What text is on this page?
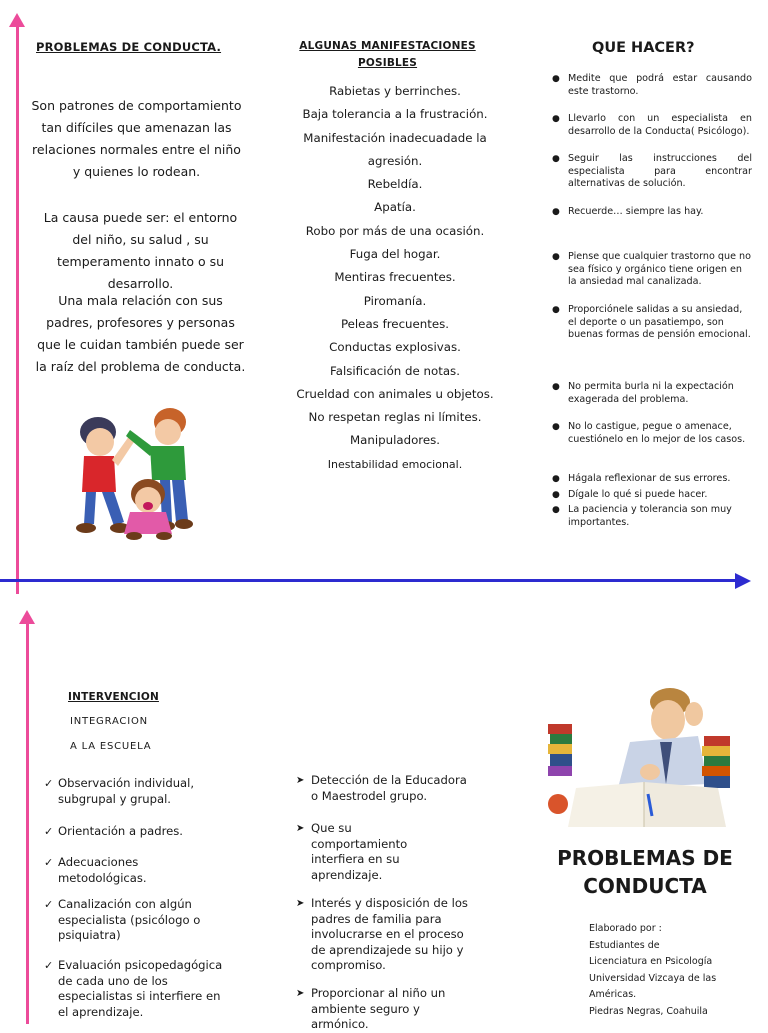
PROBLEMAS DE CONDUCTA.
Son patrones de comportamiento tan difíciles que amenazan las relaciones normales entre el niño y quienes lo rodean.
La causa puede ser: el entorno del niño, su salud , su temperamento innato o su desarrollo.
Una mala relación con sus padres, profesores y personas que le cuidan también puede ser la raíz del problema de conducta.
ALGUNAS MANIFESTACIONES
POSIBLES
Rabietas y berrinches.
Baja tolerancia a la frustración.
Manifestación inadecuadade la
agresión.
Rebeldía.
Apatía.
Robo por más de una ocasión.
Fuga del hogar.
Mentiras frecuentes.
Piromanía.
Peleas frecuentes.
Conductas explosivas.
Falsificación de notas.
Crueldad con animales u objetos.
No respetan reglas ni límites.
Manipuladores.
Inestabilidad emocional.
QUE HACER?
● Medite que podrá estar causando este trastorno.
● Llevarlo con un especialista en desarrollo de la Conducta( Psicólogo).
● Seguir las instrucciones del especialista para encontrar alternativas de solución.
● Recuerde… siempre las hay.
● Piense que cualquier trastorno que no sea físico y orgánico tiene origen en la ansiedad mal canalizada.
● Proporciónele salidas a su ansiedad, el deporte o un pasatiempo, son buenas formas de pensión emocional.
● No permita burla ni la expectación exagerada del problema.
● No lo castigue, pegue o amenace, cuestiónelo en lo mejor de los casos.
● Hágala reflexionar de sus errores.
● Dígale lo qué si puede hacer.
● La paciencia y tolerancia son muy importantes.
INTERVENCION
INTEGRACION
A LA ESCUELA
✓ Observación individual, subgrupal y grupal.
✓ Orientación a padres.
✓ Adecuaciones metodológicas.
✓ Canalización con algún especialista (psicólogo o psiquiatra)
✓ Evaluación psicopedagógica de cada uno de los especialistas si interfiere en el aprendizaje.
➤ Detección de la Educadora o Maestrodel grupo.
➤ Que su comportamiento interfiera en su aprendizaje.
➤ Interés y disposición de los padres de familia para involucrarse en el proceso de aprendizajede su hijo y compromiso.
➤ Proporcionar al niño un ambiente seguro y armónico.
PROBLEMAS DE
CONDUCTA
Elaborado por :
Estudiantes de
Licenciatura en Psicología
Universidad Vizcaya de las
Américas.
Piedras Negras, Coahuila
